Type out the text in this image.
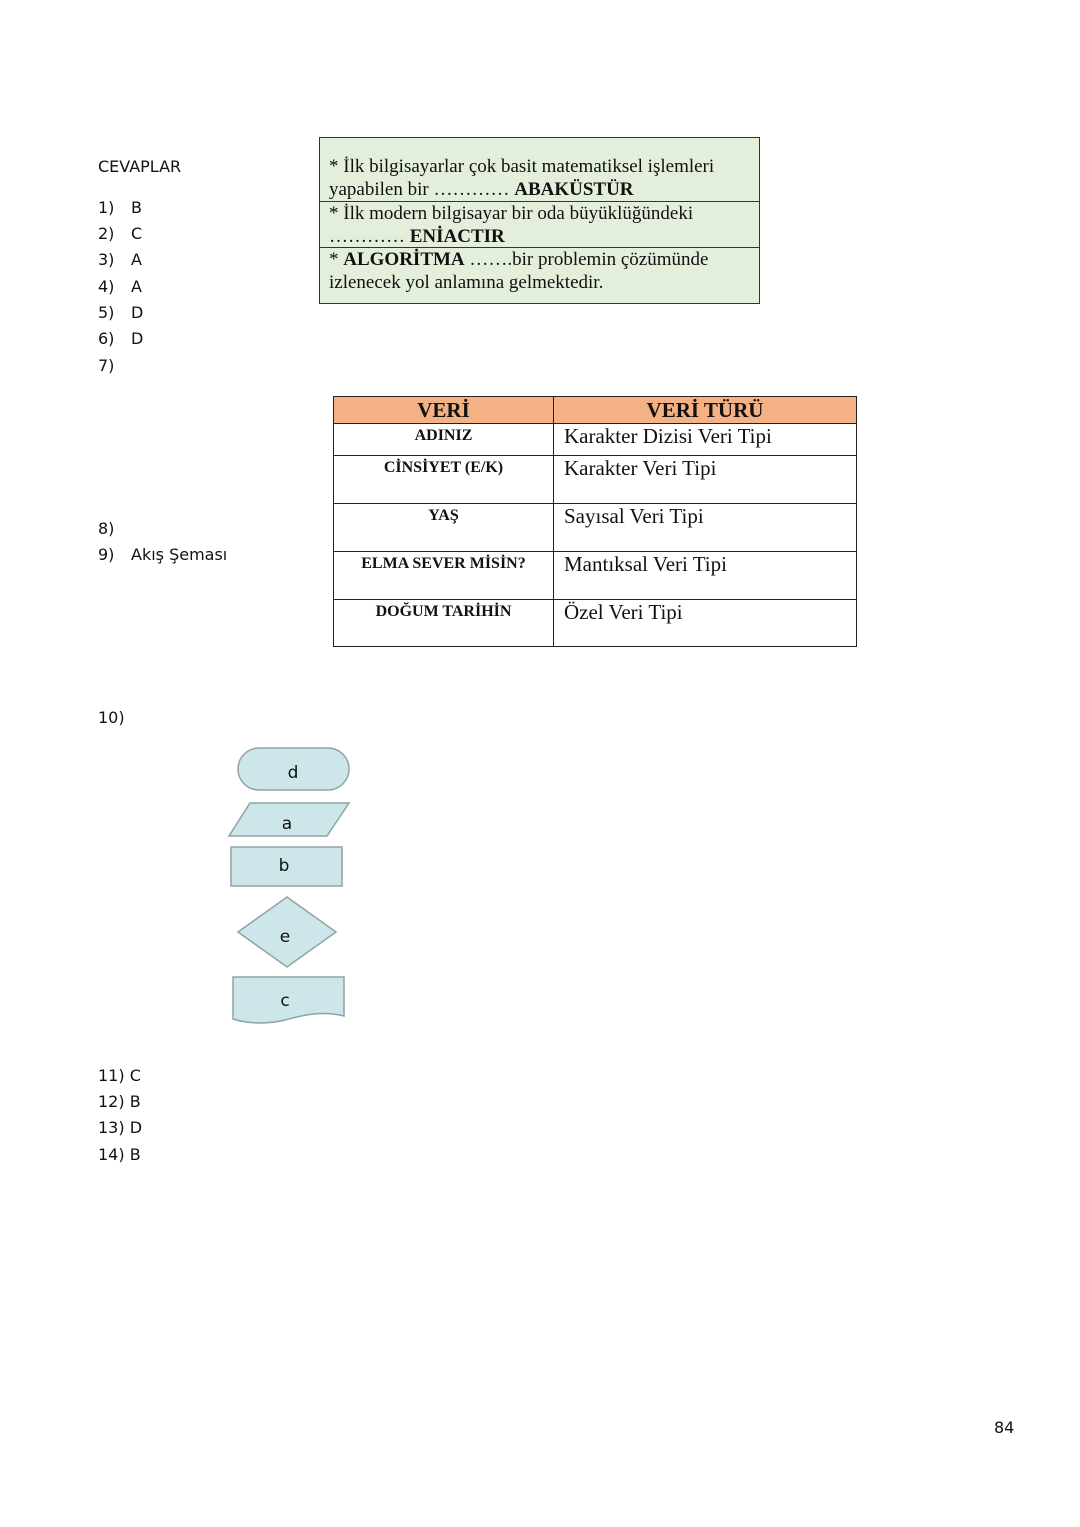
CEVAPLAR
1) B
2) C
3) A
4) A
5) D
6) D
7)
* İlk bilgisayarlar çok basit matematiksel işlemleri yapabilen bir ………… ABAKÜSTÜR
* İlk modern bilgisayar bir oda büyüklüğündeki ………… ENİACTIR
* ALGORİTMA …….bir problemin çözümünde izlenecek yol anlamına gelmektedir.
VERİ	VERİ TÜRÜ
ADINIZ	Karakter Dizisi Veri Tipi
CİNSİYET (E/K)	Karakter Veri Tipi
YAŞ	Sayısal Veri Tipi
ELMA SEVER MİSİN?	Mantıksal Veri Tipi
DOĞUM TARİHİN	Özel Veri Tipi
8)
9) Akış Şeması
10)
d
a
b
e
c
11) C
12) B
13) D
14) B
84
